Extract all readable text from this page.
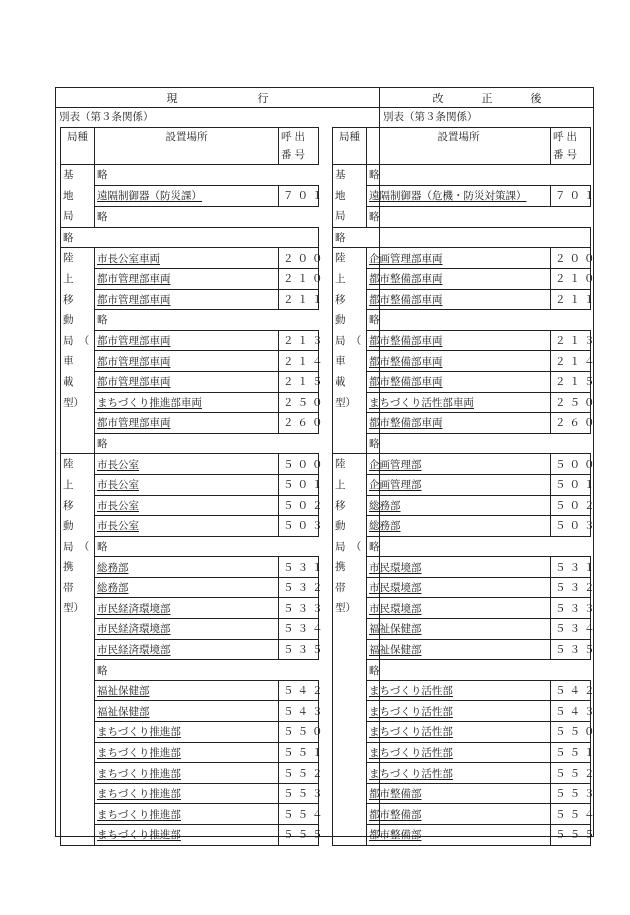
現	行	改	正	後
別表（第３条関係）	別表（第３条関係）
局種	設置場所	呼出番号

基　地
局	略	
	遠隔制御器（防災課）	７０１
	略	
略		

陸　上
移　動
局　（
車　載
型）	市長公室車両	２００
	都市管理部車両	２１０
	都市管理部車両	２１１
	略	
	都市管理部車両	２１３
	都市管理部車両	２１４
	都市管理部車両	２１５
	まちづくり推進部車両	２５０
	都市管理部車両	２６０
	略	

陸　上
移　動
局　（
携　帯
型）	市長公室	５００
	市長公室	５０１
	市長公室	５０２
	市長公室	５０３
	略	
	総務部	５３１
	総務部	５３２
	市民経済環境部	５３３
	市民経済環境部	５３４
	市民経済環境部	５３５
	略	
	福祉保健部	５４２
	福祉保健部	５４３
	まちづくり推進部	５５０
	まちづくり推進部	５５１
	まちづくり推進部	５５２
	まちづくり推進部	５５３
	まちづくり推進部	５５４
	まちづくり推進部	５５５
局種	設置場所	呼出番号

基　地
局	略	
	遠隔制御器（危機・防災対策課）	７０１
	略	
略		

陸　上
移　動
局　（
車　載
型）	企画管理部車両	２００
	都市整備部車両	２１０
	都市整備部車両	２１１
	略	
	都市整備部車両	２１３
	都市整備部車両	２１４
	都市整備部車両	２１５
	まちづくり活性部車両	２５０
	都市整備部車両	２６０
	略	

陸　上
移　動
局　（
携　帯
型）	企画管理部	５００
	企画管理部	５０１
	総務部	５０２
	総務部	５０３
	略	
	市民環境部	５３１
	市民環境部	５３２
	市民環境部	５３３
	福祉保健部	５３４
	福祉保健部	５３５
	略	
	まちづくり活性部	５４２
	まちづくり活性部	５４３
	まちづくり活性部	５５０
	まちづくり活性部	５５１
	まちづくり活性部	５５２
	都市整備部	５５３
	都市整備部	５５４
	都市整備部	５５５
